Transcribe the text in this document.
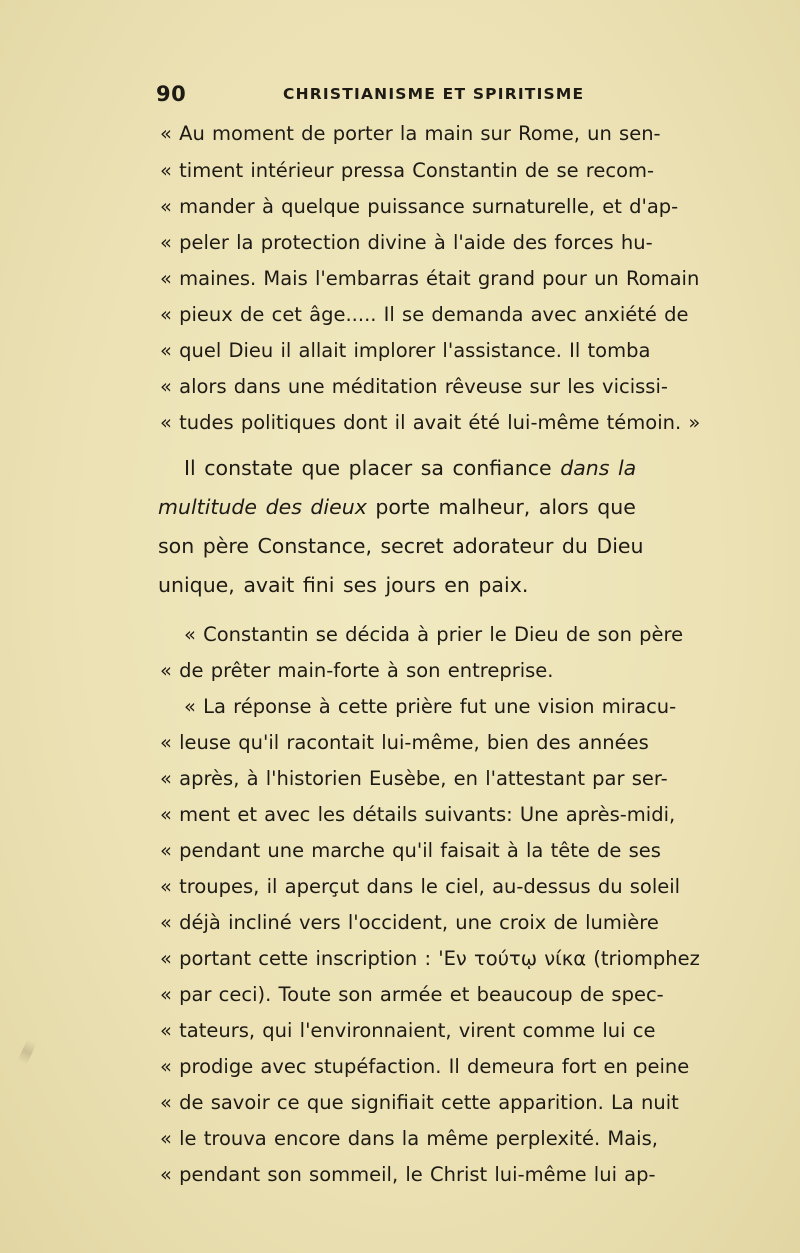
90	CHRISTIANISME ET SPIRITISME
« Au moment de porter la main sur Rome, un sen-
« timent intérieur pressa Constantin de se recom-
« mander à quelque puissance surnaturelle, et d'ap-
« peler la protection divine à l'aide des forces hu-
« maines. Mais l'embarras était grand pour un Romain
« pieux de cet âge..... Il se demanda avec anxiété de
« quel Dieu il allait implorer l'assistance. Il tomba
« alors dans une méditation rêveuse sur les vicissi-
« tudes politiques dont il avait été lui-même témoin. »
Il constate que placer sa confiance dans la
multitude des dieux porte malheur, alors que
son père Constance, secret adorateur du Dieu
unique, avait fini ses jours en paix.
« Constantin se décida à prier le Dieu de son père
« de prêter main-forte à son entreprise.
« La réponse à cette prière fut une vision miracu-
« leuse qu'il racontait lui-même, bien des années
« après, à l'historien Eusèbe, en l'attestant par ser-
« ment et avec les détails suivants: Une après-midi,
« pendant une marche qu'il faisait à la tête de ses
« troupes, il aperçut dans le ciel, au-dessus du soleil
« déjà incliné vers l'occident, une croix de lumière
« portant cette inscription : 'Εν τούτῳ νίκα (triomphez
« par ceci). Toute son armée et beaucoup de spec-
« tateurs, qui l'environnaient, virent comme lui ce
« prodige avec stupéfaction. Il demeura fort en peine
« de savoir ce que signifiait cette apparition. La nuit
« le trouva encore dans la même perplexité. Mais,
« pendant son sommeil, le Christ lui-même lui ap-
